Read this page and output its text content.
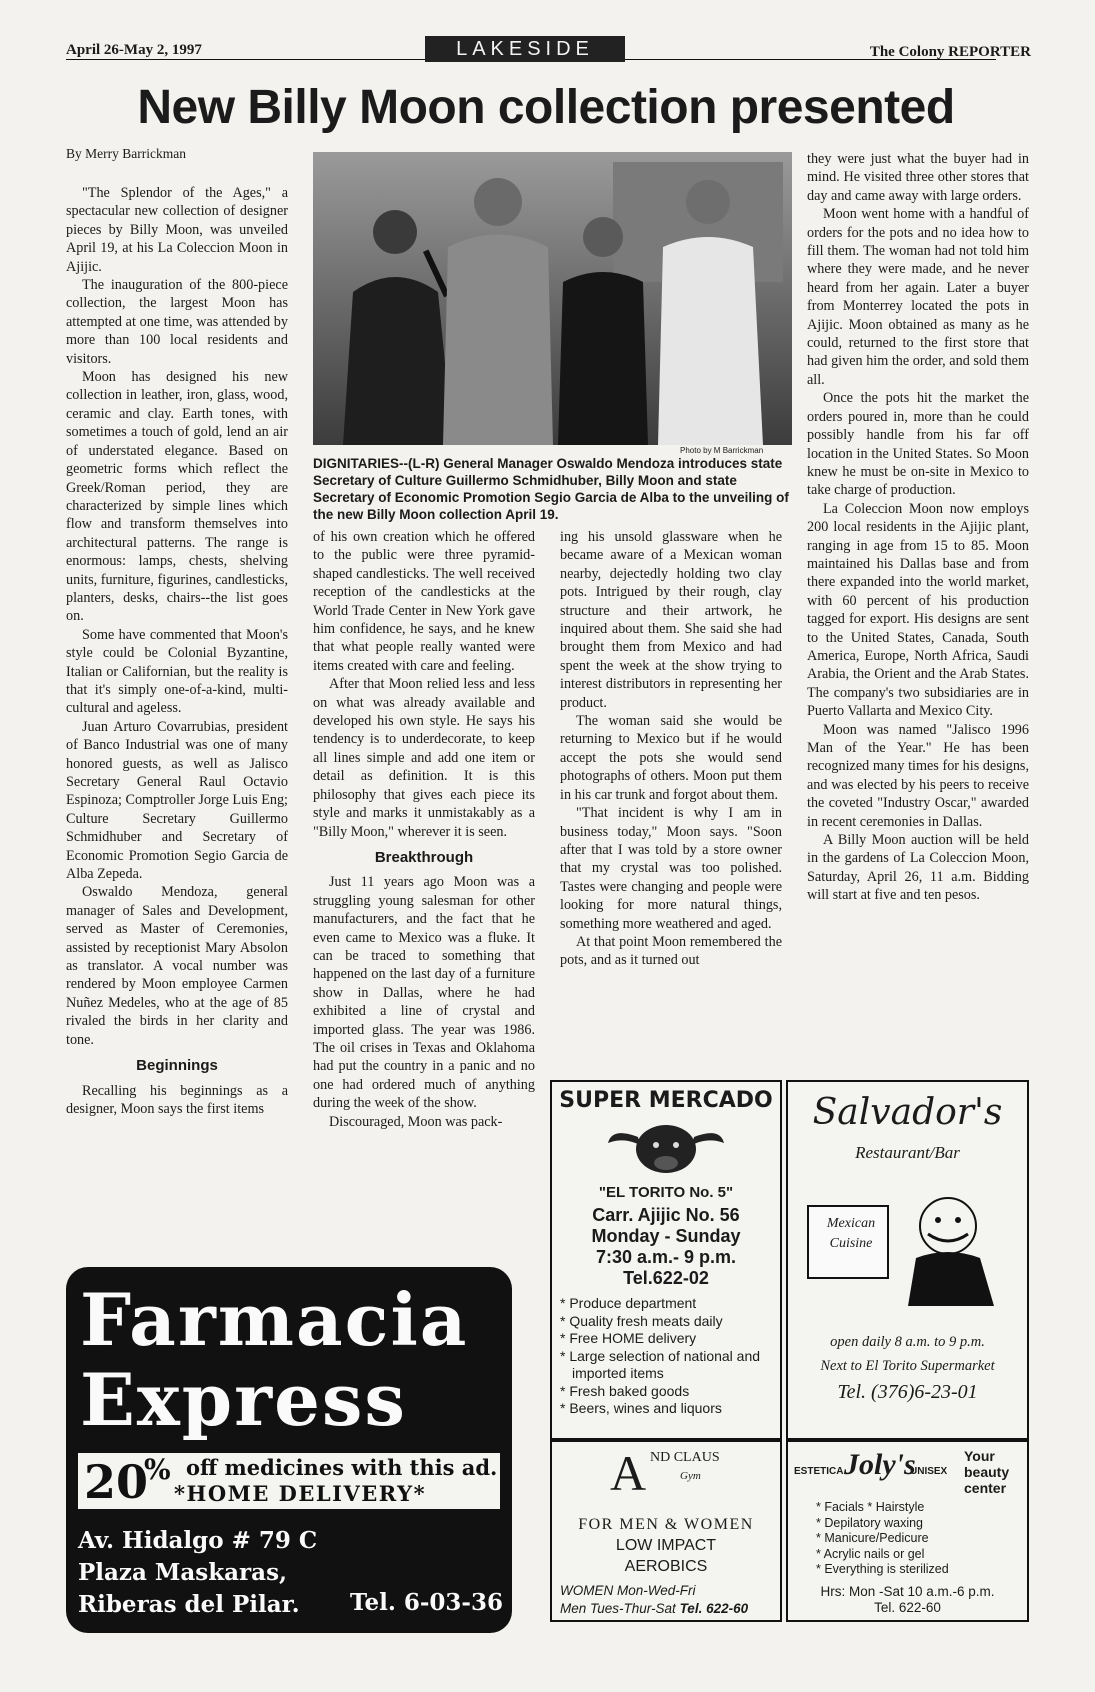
April 26-May 2, 1997	LAKESIDE	The Colony REPORTER
New Billy Moon collection presented
By Merry Barrickman

"The Splendor of the Ages," a spectacular new collection of designer pieces by Billy Moon, was unveiled April 19, at his La Coleccion Moon in Ajijic.

The inauguration of the 800-piece collection, the largest Moon has attempted at one time, was attended by more than 100 local residents and visitors.

Moon has designed his new collection in leather, iron, glass, wood, ceramic and clay. Earth tones, with sometimes a touch of gold, lend an air of understated elegance. Based on geometric forms which reflect the Greek/Roman period, they are characterized by simple lines which flow and transform themselves into architectural patterns. The range is enormous: lamps, chests, shelving units, furniture, figurines, candlesticks, planters, desks, chairs--the list goes on.

Some have commented that Moon's style could be Colonial Byzantine, Italian or Californian, but the reality is that it's simply one-of-a-kind, multi-cultural and ageless.

Juan Arturo Covarrubias, president of Banco Industrial was one of many honored guests, as well as Jalisco Secretary General Raul Octavio Espinoza; Comptroller Jorge Luis Eng; Culture Secretary Guillermo Schmidhuber and Secretary of Economic Promotion Segio Garcia de Alba Zepeda.

Oswaldo Mendoza, general manager of Sales and Development, served as Master of Ceremonies, assisted by receptionist Mary Absolon as translator. A vocal number was rendered by Moon employee Carmen Nuñez Medeles, who at the age of 85 rivaled the birds in her clarity and tone.

Beginnings

Recalling his beginnings as a designer, Moon says the first items

Photo by M Barrickman
DIGNITARIES--(L-R) General Manager Oswaldo Mendoza introduces state Secretary of Culture Guillermo Schmidhuber, Billy Moon and state Secretary of Economic Promotion Segio Garcia de Alba to the unveiling of the new Billy Moon collection April 19.

of his own creation which he offered to the public were three pyramid-shaped candlesticks. The well received reception of the candlesticks at the World Trade Center in New York gave him confidence, he says, and he knew that what people really wanted were items created with care and feeling.

After that Moon relied less and less on what was already available and developed his own style. He says his tendency is to underdecorate, to keep all lines simple and add one item or detail as definition. It is this philosophy that gives each piece its style and marks it unmistakably as a "Billy Moon," wherever it is seen.

Breakthrough

Just 11 years ago Moon was a struggling young salesman for other manufacturers, and the fact that he even came to Mexico was a fluke. It can be traced to something that happened on the last day of a furniture show in Dallas, where he had exhibited a line of crystal and imported glass. The year was 1986. The oil crises in Texas and Oklahoma had put the country in a panic and no one had ordered much of anything during the week of the show.

Discouraged, Moon was pack-

ing his unsold glassware when he became aware of a Mexican woman nearby, dejectedly holding two clay pots. Intrigued by their rough, clay structure and their artwork, he inquired about them. She said she had brought them from Mexico and had spent the week at the show trying to interest distributors in representing her product.

The woman said she would be returning to Mexico but if he would accept the pots she would send photographs of others. Moon put them in his car trunk and forgot about them.

"That incident is why I am in business today," Moon says. "Soon after that I was told by a store owner that my crystal was too polished. Tastes were changing and people were looking for more natural things, something more weathered and aged.

At that point Moon remembered the pots, and as it turned out

they were just what the buyer had in mind. He visited three other stores that day and came away with large orders.

Moon went home with a handful of orders for the pots and no idea how to fill them. The woman had not told him where they were made, and he never heard from her again. Later a buyer from Monterrey located the pots in Ajijic. Moon obtained as many as he could, returned to the first store that had given him the order, and sold them all.

Once the pots hit the market the orders poured in, more than he could possibly handle from his far off location in the United States. So Moon knew he must be on-site in Mexico to take charge of production.

La Coleccion Moon now employs 200 local residents in the Ajijic plant, ranging in age from 15 to 85. Moon maintained his Dallas base and from there expanded into the world market, with 60 percent of his production tagged for export. His designs are sent to the United States, Canada, South America, Europe, North Africa, Saudi Arabia, the Orient and the Arab States. The company's two subsidiaries are in Puerto Vallarta and Mexico City.

Moon was named "Jalisco 1996 Man of the Year." He has been recognized many times for his designs, and was elected by his peers to receive the coveted "Industry Oscar," awarded in recent ceremonies in Dallas.

A Billy Moon auction will be held in the gardens of La Coleccion Moon, Saturday, April 26, 11 a.m. Bidding will start at five and ten pesos.

Farmacia
Express
20
% off medicines with this ad.
*HOME DELIVERY*
Av. Hidalgo # 79 C
Plaza Maskaras,
Riberas del Pilar.	Tel. 6-03-36
SUPER MERCADO
"EL TORITO No. 5"
Carr. Ajijic No. 56
Monday - Sunday
7:30 a.m.- 9 p.m.
Tel.622-02
* Produce department
* Quality fresh meats daily
* Free HOME delivery
* Large selection of national and imported items
* Fresh baked goods
* Beers, wines and liquors
Salvador's
Restaurant/Bar
Mexican
Cuisine
open daily 8 a.m. to 9 p.m.
Next to El Torito Supermarket
Tel. (376)6-23-01
A ND CLAUS
Gym
FOR MEN & WOMEN
LOW IMPACT
AEROBICS
WOMEN Mon-Wed-Fri
Men Tues-Thur-Sat Tel. 622-60
ESTETICA Joly's
UNISEX
Your
beauty
center
* Facials * Hairstyle
* Depilatory waxing
* Manicure/Pedicure
* Acrylic nails or gel
* Everything is sterilized
Hrs: Mon -Sat 10 a.m.-6 p.m.
Tel. 622-60
